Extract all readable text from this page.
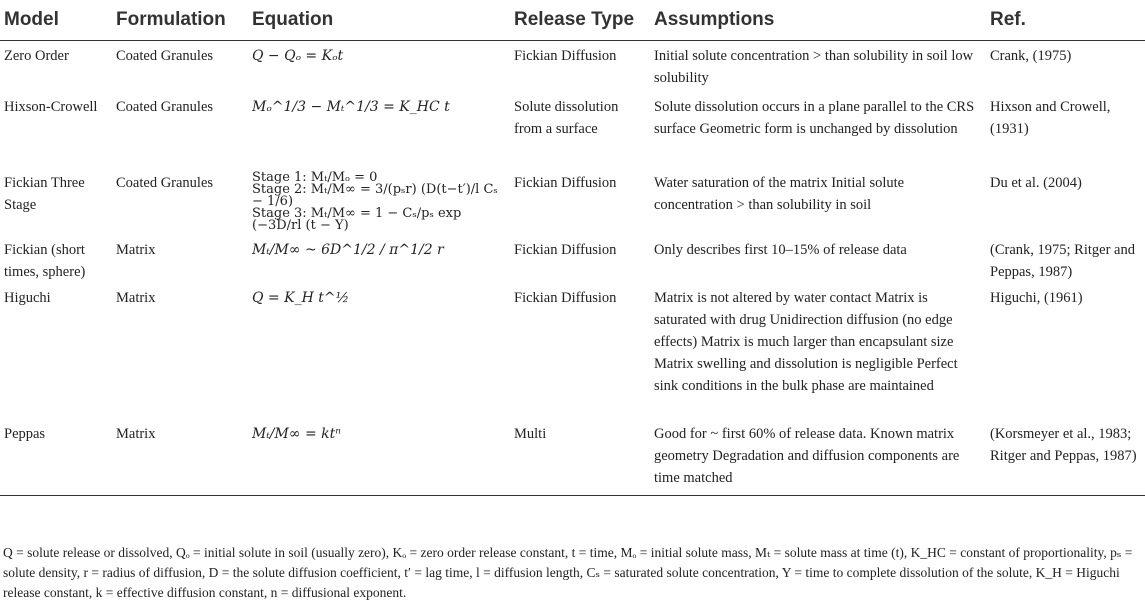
Model	Formulation	Equation	Release Type	Assumptions	Ref.
Zero Order	Coated Granules	Q − Qₒ = Kₒt	Fickian Diffusion	Initial solute concentration > than solubility in soil low solubility	Crank, (1975)
Hixson-Crowell	Coated Granules	Mₒ^1/3 − Mₜ^1/3 = K_HC t	Solute dissolution from a surface	Solute dissolution occurs in a plane parallel to the CRS surface Geometric form is unchanged by dissolution	Hixson and Crowell, (1931)
Fickian Three Stage	Coated Granules	Stage 1: Mₜ/Mₒ = 0
Stage 2: Mₜ/M∞ = 3/(pₛr) (D(t−t′)/l Cₛ − 1/6)
Stage 3: Mₜ/M∞ = 1 − Cₛ/pₛ exp (−3D/rl (t − Y)	Fickian Diffusion	Water saturation of the matrix Initial solute concentration > than solubility in soil	Du et al. (2004)
Fickian (short times, sphere)	Matrix	Mₜ/M∞ ~ 6D^1/2 / π^1/2 r	Fickian Diffusion	Only describes first 10–15% of release data	(Crank, 1975; Ritger and Peppas, 1987)
Higuchi	Matrix	Q = K_H t^½	Fickian Diffusion	Matrix is not altered by water contact Matrix is saturated with drug Unidirection diffusion (no edge effects) Matrix is much larger than encapsulant size Matrix swelling and dissolution is negligible Perfect sink conditions in the bulk phase are maintained	Higuchi, (1961)
Peppas	Matrix	Mₜ/M∞ = ktⁿ	Multi	Good for ~ first 60% of release data. Known matrix geometry Degradation and diffusion components are time matched	(Korsmeyer et al., 1983; Ritger and Peppas, 1987)
Q = solute release or dissolved, Qₒ = initial solute in soil (usually zero), Kₒ = zero order release constant, t = time, Mₒ = initial solute mass, Mₜ = solute mass at time (t), K_HC = constant of proportionality, pₛ = solute density, r = radius of diffusion, D = the solute diffusion coefficient, t′ = lag time, l = diffusion length, Cₛ = saturated solute concentration, Y = time to complete dissolution of the solute, K_H = Higuchi release constant, k = effective diffusion constant, n = diffusional exponent.
